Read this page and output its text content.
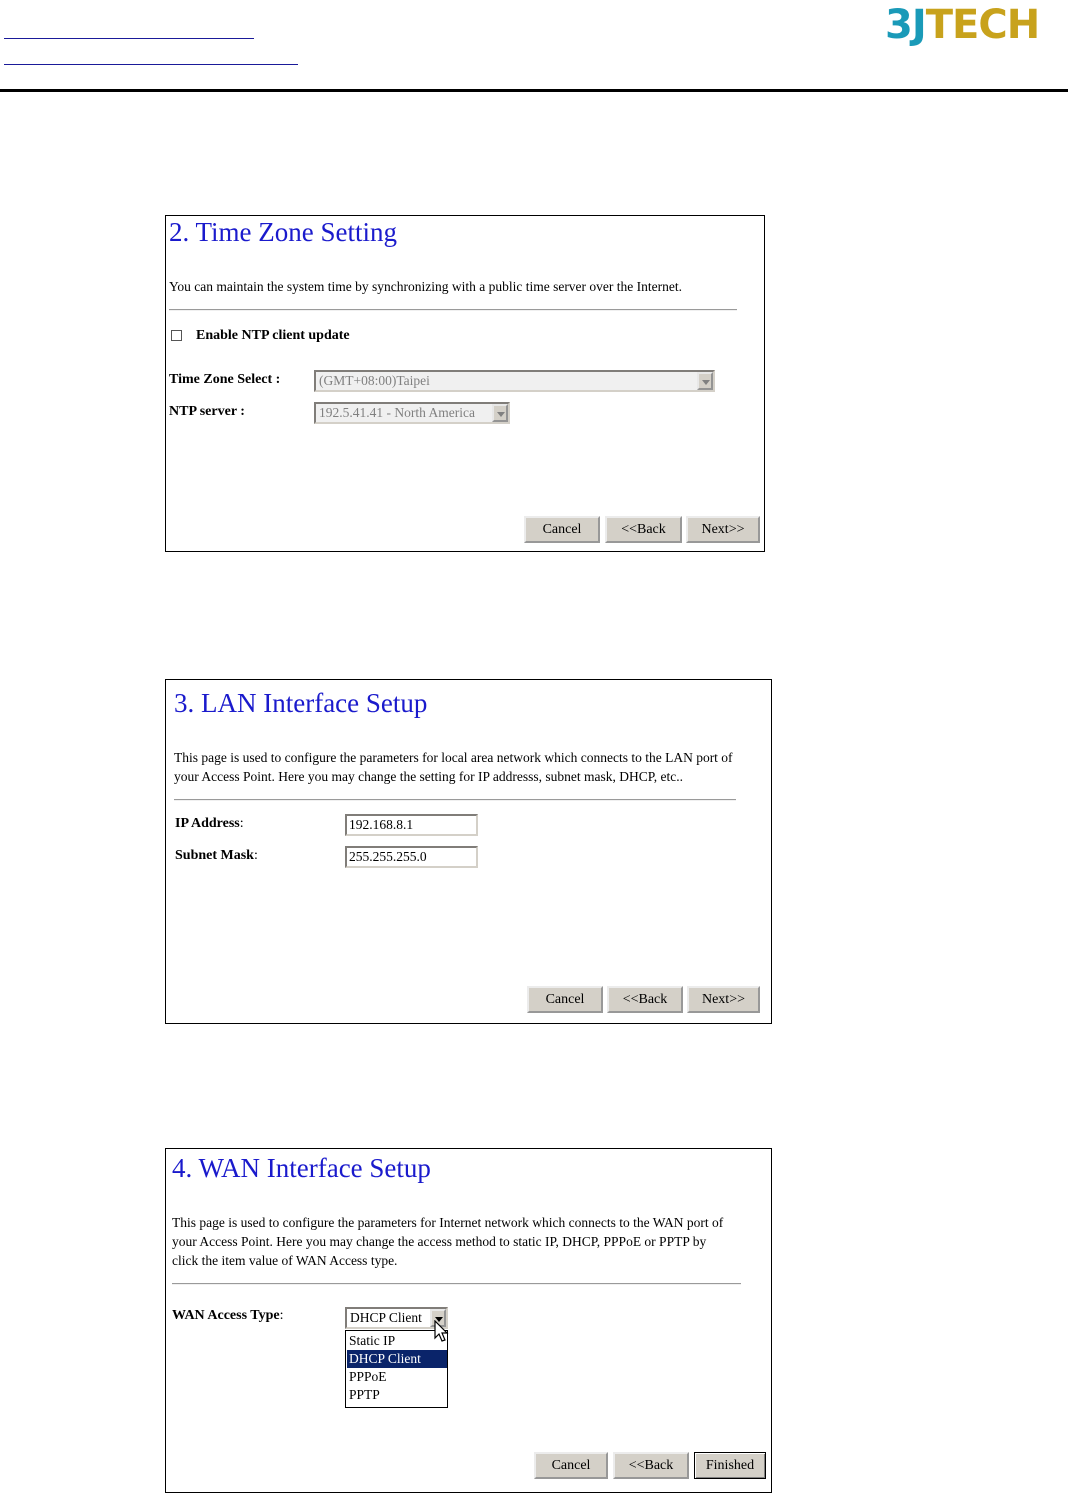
3JTECH
2. Time Zone Setting
You can maintain the system time by synchronizing with a public time server over the Internet.
Enable NTP client update
Time Zone Select :	(GMT+08:00)Taipei
NTP server :	192.5.41.41 - North America
Cancel	<<Back	Next>>
3. LAN Interface Setup
This page is used to configure the parameters for local area network which connects to the LAN port of
your Access Point. Here you may change the setting for IP addresss, subnet mask, DHCP, etc..
IP Address:
192.168.8.1
Subnet Mask:
255.255.255.0
Cancel	<<Back	Next>>
4. WAN Interface Setup
This page is used to configure the parameters for Internet network which connects to the WAN port of
your Access Point. Here you may change the access method to static IP, DHCP, PPPoE or PPTP by
click the item value of WAN Access type.
WAN Access Type:	DHCP Client
Static IP
DHCP Client
PPPoE
PPTP
Cancel	<<Back	Finished
